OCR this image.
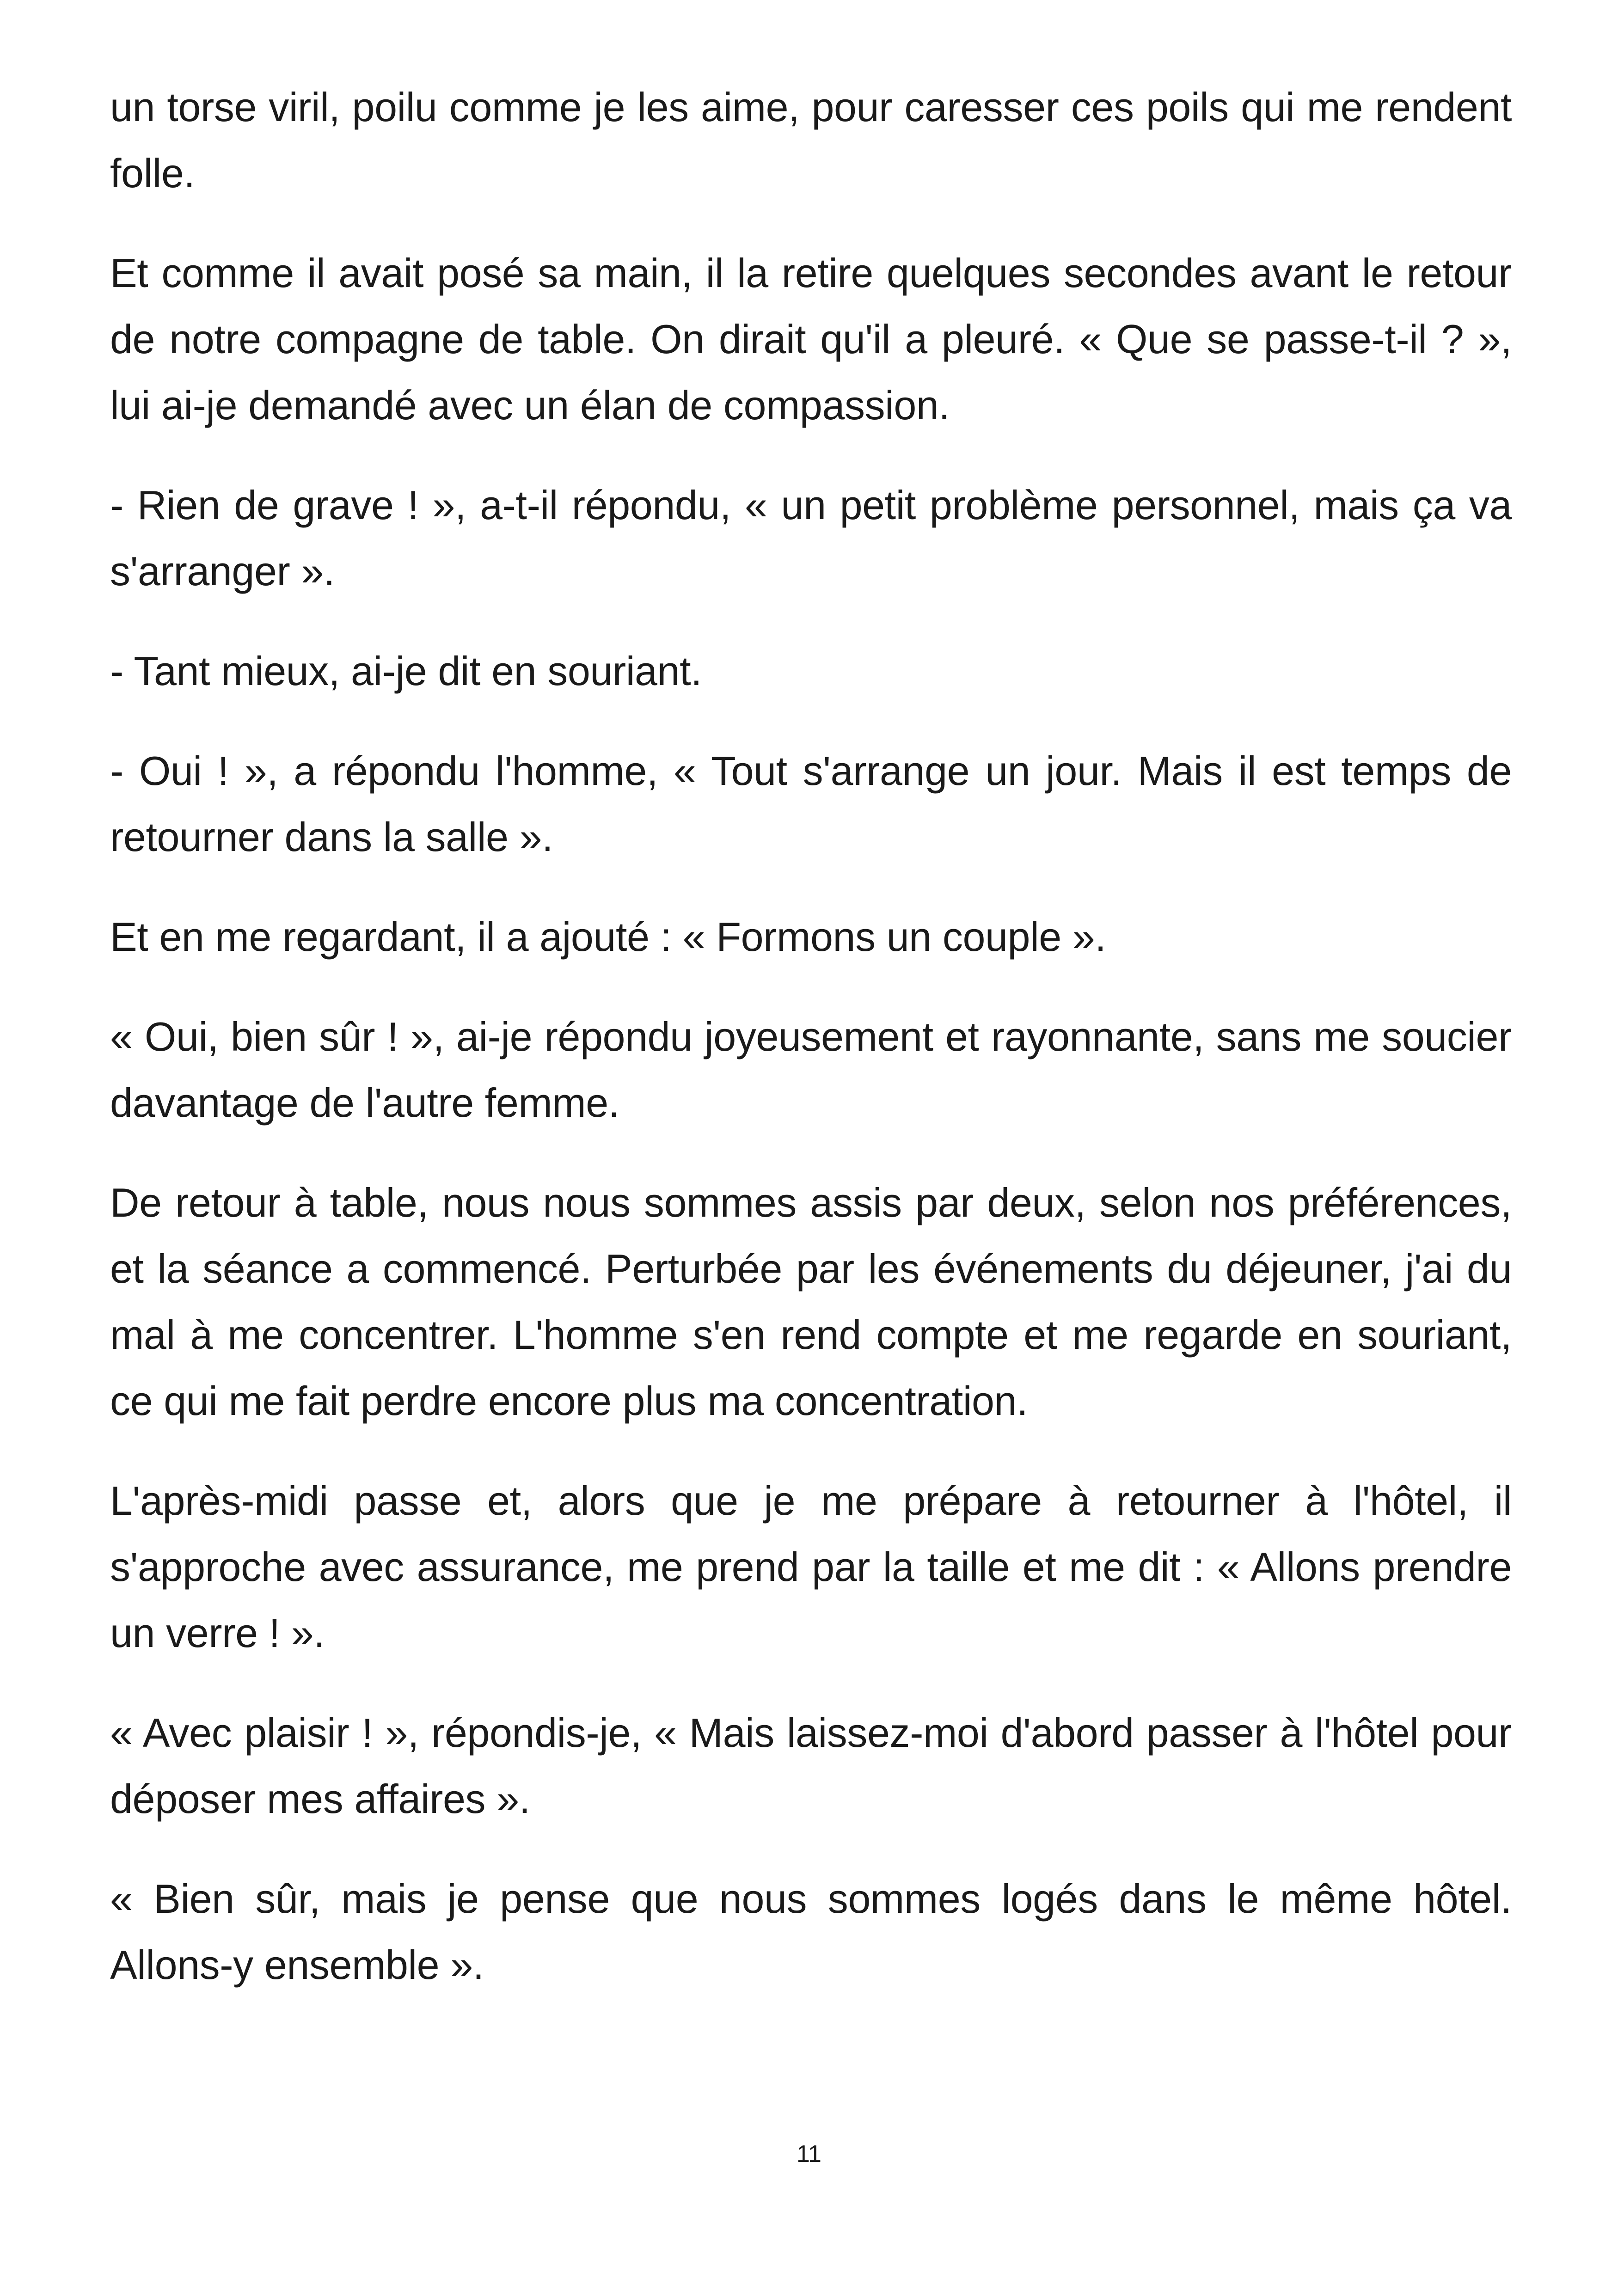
un torse viril, poilu comme je les aime, pour caresser ces poils qui me rendent folle.

Et comme il avait posé sa main, il la retire quelques secondes avant le retour de notre compagne de table. On dirait qu'il a pleuré. « Que se passe-t-il ? », lui ai-je demandé avec un élan de compassion.

- Rien de grave ! », a-t-il répondu, « un petit problème personnel, mais ça va s'arranger ».

- Tant mieux, ai-je dit en souriant.

- Oui ! », a répondu l'homme, « Tout s'arrange un jour. Mais il est temps de retourner dans la salle ».

Et en me regardant, il a ajouté : « Formons un couple ».

« Oui, bien sûr ! », ai-je répondu joyeusement et rayonnante, sans me soucier davantage de l'autre femme.

De retour à table, nous nous sommes assis par deux, selon nos préférences, et la séance a commencé. Perturbée par les événements du déjeuner, j'ai du mal à me concentrer. L'homme s'en rend compte et me regarde en souriant, ce qui me fait perdre encore plus ma concentration.

L'après-midi passe et, alors que je me prépare à retourner à l'hôtel, il s'approche avec assurance, me prend par la taille et me dit : « Allons prendre un verre ! ».

« Avec plaisir ! », répondis-je, « Mais laissez-moi d'abord passer à l'hôtel pour déposer mes affaires ».

« Bien sûr, mais je pense que nous sommes logés dans le même hôtel. Allons-y ensemble ».

11
